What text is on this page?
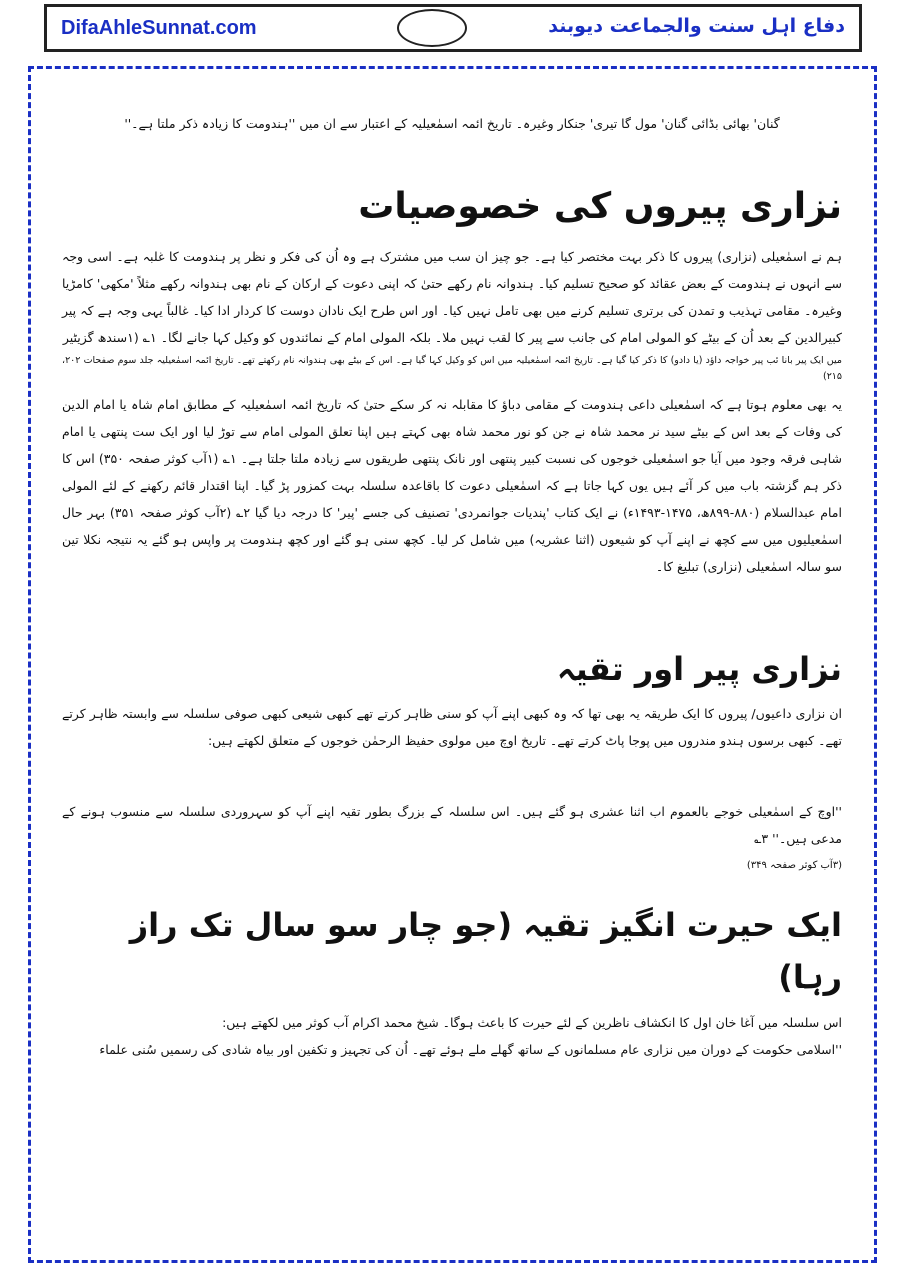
DifaAhleSunnat.com	دفاع اہل سنت والجماعت دیوبند

گنان' بھائی بڈائی گنان' مول گا تیری' جنکار وغیرہ۔ تاریخ ائمہ اسمٰعیلیہ کے اعتبار سے ان میں ''ہندومت کا زیادہ ذکر ملتا ہے۔''

نزاری پیروں کی خصوصیات

ہم نے اسمٰعیلی (نزاری) پیروں کا ذکر بہت مختصر کیا ہے۔ جو چیز ان سب میں مشترک ہے وہ اُن کی فکر و نظر پر ہندومت کا غلبہ ہے۔ اسی وجہ سے انہوں نے ہندومت کے بعض عقائد کو صحیح تسلیم کیا۔ ہندوانہ نام رکھے حتیٰ کہ اپنی دعوت کے ارکان کے نام بھی ہندوانہ رکھے مثلاً 'مکھی' کامڑیا وغیرہ۔ مقامی تہذیب و تمدن کی برتری تسلیم کرنے میں بھی تامل نہیں کیا۔ اور اس طرح ایک نادان دوست کا کردار ادا کیا۔ غالباً یہی وجہ ہے کہ پیر کبیرالدین کے بعد اُن کے بیٹے کو المولی امام کی جانب سے پیر کا لقب نہیں ملا۔ بلکہ المولی امام کے نمائندوں کو وکیل کہا جانے لگا۔ ۱؎ (۱سندھ گزیٹیر

میں ایک پیر بانا ئب پیر خواجہ داؤد (یا دادو) کا ذکر کیا گیا ہے۔ تاریخ ائمہ اسمٰعیلیہ میں اس کو وکیل کہا گیا ہے۔ اس کے بیٹے بھی ہندوانہ نام رکھتے تھے۔ تاریخ ائمہ اسمٰعیلیہ جلد سوم صفحات ۲۰۲، ۲۱۵)

یہ بھی معلوم ہوتا ہے کہ اسمٰعیلی داعی ہندومت کے مقامی دباؤ کا مقابلہ نہ کر سکے حتیٰ کہ تاریخ ائمہ اسمٰعیلیہ کے مطابق امام شاہ یا امام الدین کی وفات کے بعد اس کے بیٹے سید نر محمد شاہ نے جن کو نور محمد شاہ بھی کہتے ہیں اپنا تعلق المولی امام سے توڑ لیا اور ایک ست پنتھی یا امام شاہی فرقہ وجود میں آیا جو اسمٰعیلی خوجوں کی نسبت کبیر پنتھی اور نانک پنتھی طریقوں سے زیادہ ملتا جلتا ہے۔ ۱؎ (۱آب کوثر صفحہ ۳۵۰) اس کا ذکر ہم گزشتہ باب میں کر آئے ہیں یوں کہا جاتا ہے کہ اسمٰعیلی دعوت کا باقاعدہ سلسلہ بہت کمزور پڑ گیا۔ اپنا اقتدار قائم رکھنے کے لئے المولی امام عبدالسلام (۸۸۰-۸۹۹ھ، ۱۴۷۵-۱۴۹۳ء) نے ایک کتاب 'پندیات جوانمردی' تصنیف کی جسے 'پیر' کا درجہ دیا گیا ۲؎ (۲آب کوثر صفحہ ۳۵۱) بہر حال اسمٰعیلیوں میں سے کچھ نے اپنے آپ کو شیعوں (اثنا عشریہ) میں شامل کر لیا۔ کچھ سنی ہو گئے اور کچھ ہندومت پر واپس ہو گئے یہ نتیجہ نکلا تین سو سالہ اسمٰعیلی (نزاری) تبلیغ کا۔

نزاری پیر اور تقیہ

ان نزاری داعیوں/ پیروں کا ایک طریقہ یہ بھی تھا کہ وہ کبھی اپنے آپ کو سنی ظاہر کرتے تھے کبھی شیعی کبھی صوفی سلسلہ سے وابستہ ظاہر کرتے تھے۔ کبھی برسوں ہندو مندروں میں پوجا پاٹ کرتے تھے۔ تاریخ اوچ میں مولوی حفیظ الرحمٰن خوجوں کے متعلق لکھتے ہیں:

''اوچ کے اسمٰعیلی خوجے بالعموم اب اثنا عشری ہو گئے ہیں۔ اس سلسلہ کے بزرگ بطور تقیہ اپنے آپ کو سہروردی سلسلہ سے منسوب ہونے کے مدعی ہیں۔'' ۳؎

(۳آب کوثر صفحہ ۳۴۹)

ایک حیرت انگیز تقیہ (جو چار سو سال تک راز رہا)

اس سلسلہ میں آغا خان اول کا انکشاف ناظرین کے لئے حیرت کا باعث ہوگا۔ شیخ محمد اکرام آب کوثر میں لکھتے ہیں:

''اسلامی حکومت کے دوران میں نزاری عام مسلمانوں کے ساتھ گھلے ملے ہوئے تھے۔ اُن کی تجہیز و تکفین اور بیاہ شادی کی رسمیں سُنی علماء
